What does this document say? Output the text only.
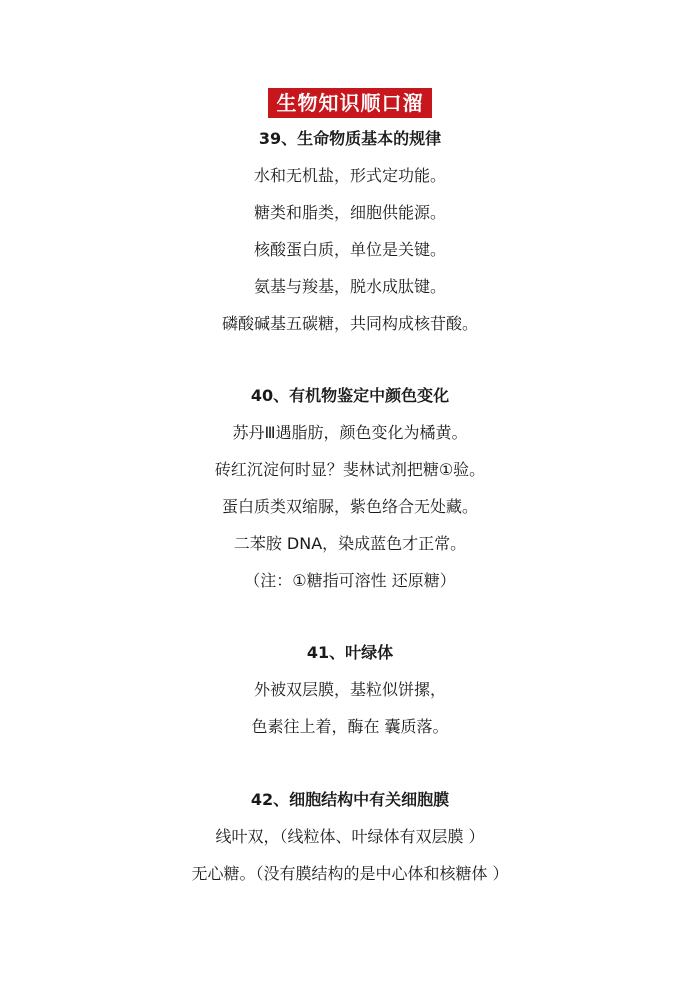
生物知识顺口溜

39、生命物质基本的规律

水和无机盐，形式定功能。

糖类和脂类，细胞供能源。

核酸蛋白质，单位是关键。

氨基与羧基，脱水成肽键。

磷酸碱基五碳糖，共同构成核苷酸。

40、有机物鉴定中颜色变化

苏丹Ⅲ遇脂肪，颜色变化为橘黄。

砖红沉淀何时显？斐林试剂把糖①验。

蛋白质类双缩脲，紫色络合无处藏。

二苯胺 DNA，染成蓝色才正常。

（注：①糖指可溶性 还原糖）

41、叶绿体

外被双层膜，基粒似饼摞，

色素往上着，酶在 囊质落。

42、细胞结构中有关细胞膜

线叶双，（线粒体、叶绿体有双层膜 ）

无心糖。（没有膜结构的是中心体和核糖体 ）
